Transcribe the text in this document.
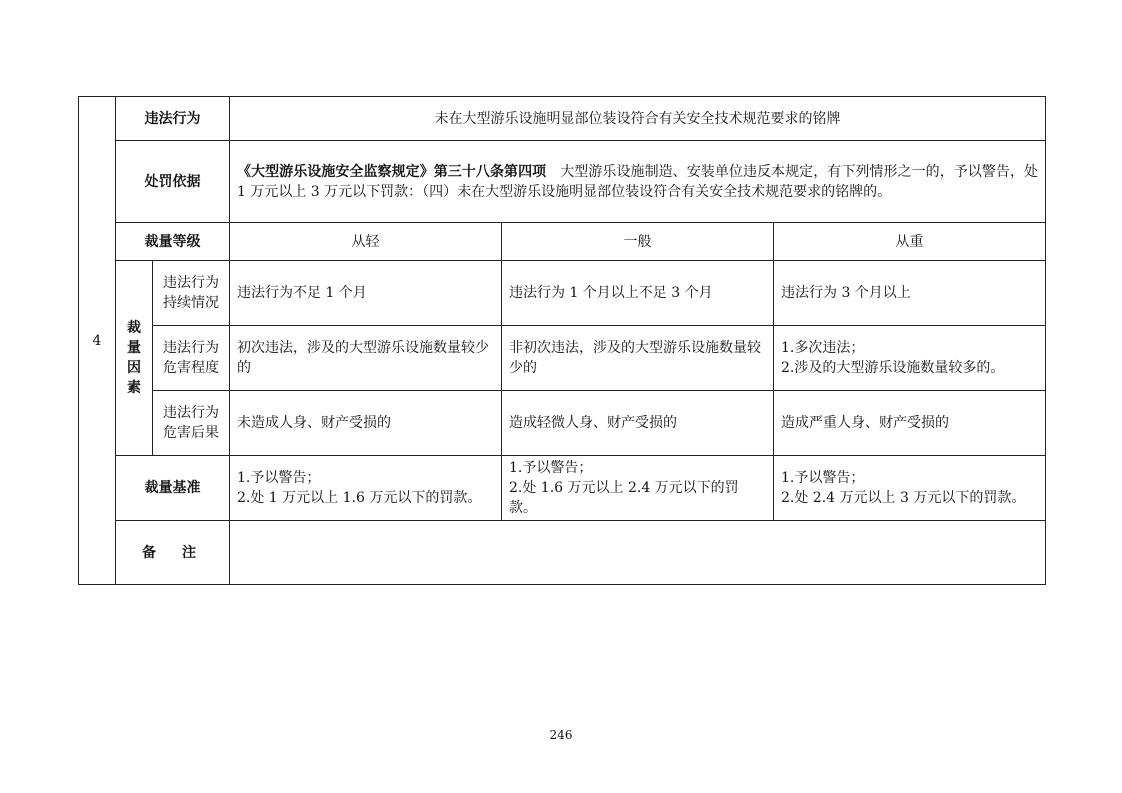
4	违法行为		未在大型游乐设施明显部位装设符合有关安全技术规范要求的铭牌		
	处罚依据		《大型游乐设施安全监察规定》第三十八条第四项　大型游乐设施制造、安装单位违反本规定，有下列情形之一的，予以警告，处 1 万元以上 3 万元以下罚款：（四）未在大型游乐设施明显部位装设符合有关安全技术规范要求的铭牌的。		
	裁量等级		从轻	一般	从重

	裁
量
因
素	违法行为持续情况	违法行为不足 1 个月	违法行为 1 个月以上不足 3 个月	违法行为 3 个月以上
		违法行为危害程度	初次违法，涉及的大型游乐设施数量较少的	非初次违法，涉及的大型游乐设施数量较少的	1.多次违法；
2.涉及的大型游乐设施数量较多的。
		违法行为危害后果	未造成人身、财产受损的	造成轻微人身、财产受损的	造成严重人身、财产受损的
	裁量基准		1.予以警告；
2.处 1 万元以上 1.6 万元以下的罚款。	1.予以警告；
2.处 1.6 万元以上 2.4 万元以下的罚款。	1.予以警告；
2.处 2.4 万元以上 3 万元以下的罚款。
	备注				
246
